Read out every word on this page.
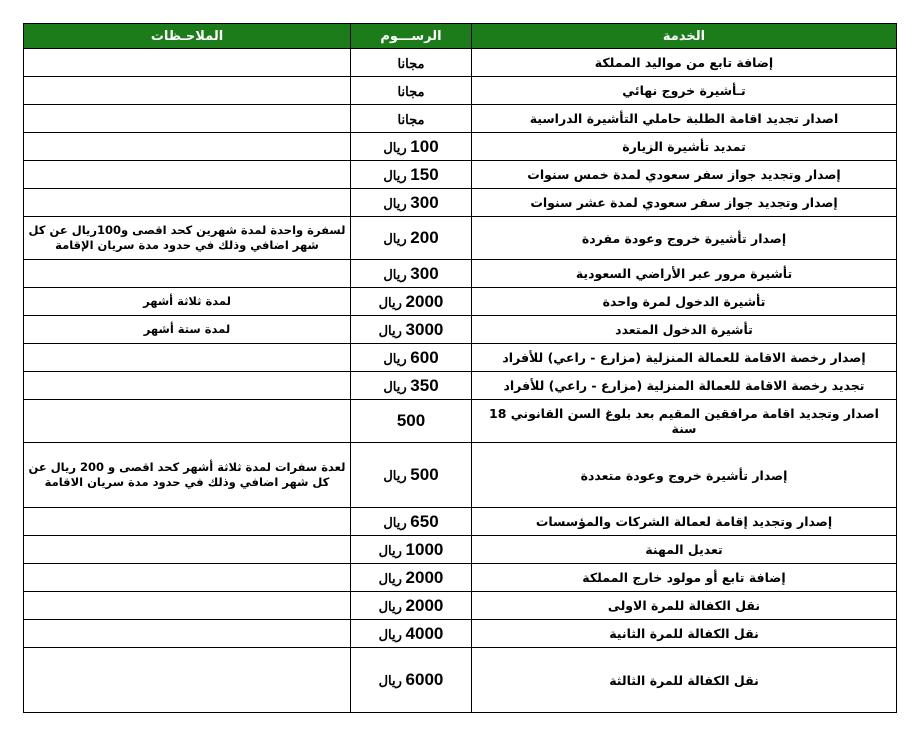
الخدمة	الرســـوم	الملاحـظات
إضافة تابع من مواليد المملكة	مجانا	
تـأشيرة خروج نهائي	مجانا	
اصدار تجديد اقامة الطلبة حاملي التأشيرة الدراسية	مجانا	
تمديد تأشيرة الزيارة	100 ريال	
إصدار وتجديد جواز سفر سعودي لمدة خمس سنوات	150 ريال	
إصدار وتجديد جواز سفر سعودي لمدة عشر سنوات	300 ريال	
إصدار تأشيرة خروج وعودة مفردة	200 ريال	لسفرة واحدة لمدة شهرين كحد اقصى و100ريال عن كل شهر اضافي وذلك في حدود مدة سريان الإقامة
تأشيرة مرور عبر الأراضي السعودية	300 ريال	
تأشيرة الدخول لمرة واحدة	2000 ريال	لمدة ثلاثة أشهر
تأشيرة الدخول المتعدد	3000 ريال	لمدة ستة أشهر
إصدار رخصة الاقامة للعمالة المنزلية (مزارع - راعي) للأفراد	600 ريال	
تجديد رخصة الاقامة للعمالة المنزلية (مزارع - راعي) للأفراد	350 ريال	
اصدار وتجديد اقامة مرافقين المقيم بعد بلوغ السن القانوني 18 سنة	500	
إصدار تأشيرة خروج وعودة متعددة	500 ريال	لعدة سفرات لمدة ثلاثة أشهر كحد اقصى و 200 ريال عن كل شهر اضافي وذلك في حدود مدة سريان الاقامة
إصدار وتجديد إقامة لعمالة الشركات والمؤسسات	650 ريال	
تعديل المهنة	1000 ريال	
إضافة تابع أو مولود خارج المملكة	2000 ريال	
نقل الكفالة للمرة الاولى	2000 ريال	
نقل الكفالة للمرة الثانية	4000 ريال	
نقل الكفالة للمرة الثالثة	6000 ريال	
